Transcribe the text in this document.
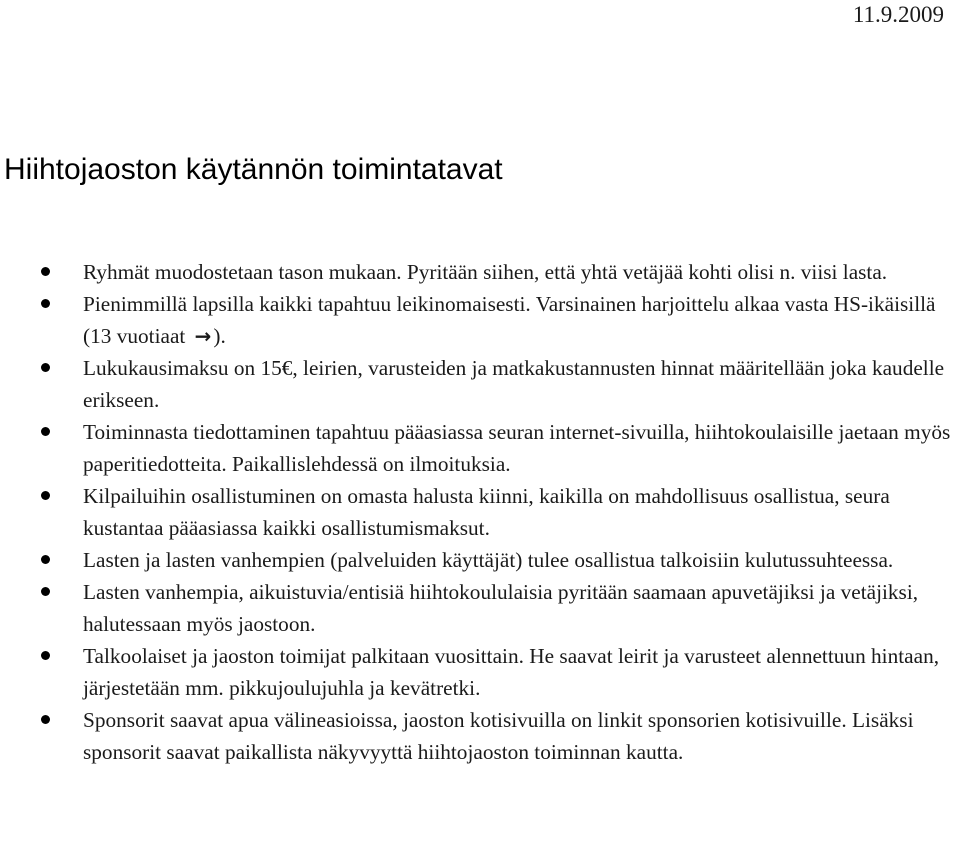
11.9.2009
Hiihtojaoston käytännön toimintatavat
Ryhmät muodostetaan tason mukaan. Pyritään siihen, että yhtä vetäjää kohti olisi n. viisi lasta.
Pienimmillä lapsilla kaikki tapahtuu leikinomaisesti. Varsinainen harjoittelu alkaa vasta HS-ikäisillä (13 vuotiaat →).
Lukukausimaksu on 15€, leirien, varusteiden ja matkakustannusten hinnat määritellään joka kaudelle erikseen.
Toiminnasta tiedottaminen tapahtuu pääasiassa seuran internet-sivuilla, hiihtokoulaisille jaetaan myös paperitiedotteita. Paikallislehdessä on ilmoituksia.
Kilpailuihin osallistuminen on omasta halusta kiinni, kaikilla on mahdollisuus osallistua, seura kustantaa pääasiassa kaikki osallistumismaksut.
Lasten ja lasten vanhempien (palveluiden käyttäjät) tulee osallistua talkoisiin kulutussuhteessa.
Lasten vanhempia, aikuistuvia/entisiä hiihtokoululaisia pyritään saamaan apuvetäjiksi ja vetäjiksi, halutessaan myös jaostoon.
Talkoolaiset ja jaoston toimijat palkitaan vuosittain. He saavat leirit ja varusteet alennettuun hintaan, järjestetään mm. pikkujoulujuhla ja kevätretki.
Sponsorit saavat apua välineasioissa, jaoston kotisivuilla on linkit sponsorien kotisivuille. Lisäksi sponsorit saavat paikallista näkyvyyttä hiihtojaoston toiminnan kautta.
